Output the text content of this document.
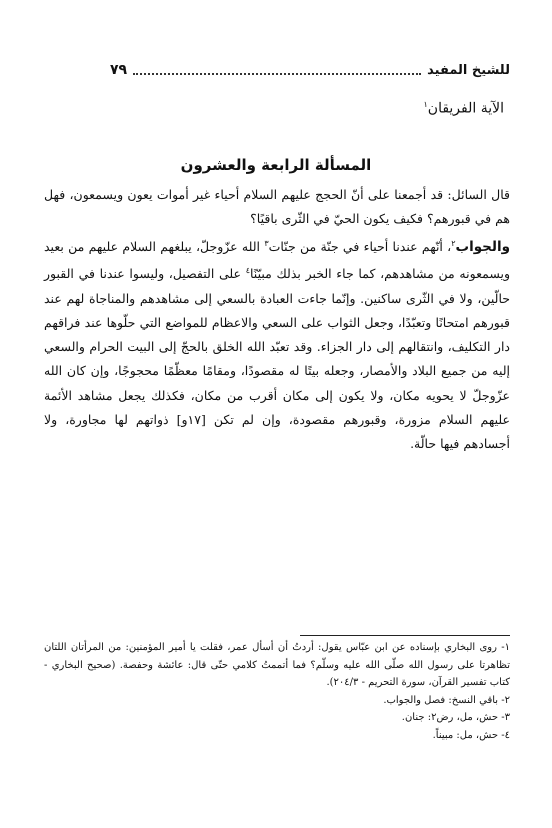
للشيخ المفيد
٧٩
الآية الفريقان$^١$
المسألة الرابعة والعشرون

قال السائل: قد أجمعنا على أنّ الحجج عليهم السلام أحياء غير أموات يعون ويسمعون، فهل هم في قبورهم؟ فكيف يكون الحيّ في الثّرى باقيًا؟

والجواب$^٢$، أنّهم عندنا أحياء في جنّة من جنّات$^٣$ الله عزّوجلّ، يبلغهم السلام عليهم من بعيد ويسمعونه من مشاهدهم، كما جاء الخبر بذلك مبيّنًا$^٤$ على التفصيل، وليسوا عندنا في القبور حالّين، ولا في الثّرى ساكنين. وإنّما جاءت العبادة بالسعي إلى مشاهدهم والمناجاة لهم عند قبورهم امتحانًا وتعبّدًا، وجعل الثواب على السعي والاعظام للمواضع التي حلّوها عند فراقهم دار التكليف، وانتقالهم إلى دار الجزاء. وقد تعبّد الله الخلق بالحجّ إلى البيت الحرام والسعي إليه من جميع البلاد والأمصار، وجعله بيتًا له مقصودًا، ومقامًا معظّمًا محجوجًا، وإن كان الله عزّوجلّ لا يحويه مكان، ولا يكون إلى مكان أقرب من مكان، فكذلك يجعل مشاهد الأئمة عليهم السلام مزورة، وقبورهم مقصودة، وإن لم تكن [١٧و] ذواتهم لها مجاورة، ولا أجسادهم فيها حالّة.

١- روى البخاري بإسناده عن ابن عبّاس يقول: أردتُ أن أسأل عمر، فقلت يا أمير المؤمنين: من المرأتان اللتان تظاهرتا على رسول الله صلّى الله عليه وسلّم؟ فما أتممتُ كلامي حتّى قال: عائشة وحفصة. (صحيح البخاري - كتاب تفسير القرآن، سورة التحريم - ٢٠٤/٣).

٢- باقي النسخ: فصل والجواب.

٣- حش، مل، رض٢: جنان.

٤- حش، مل: مبيناً.
